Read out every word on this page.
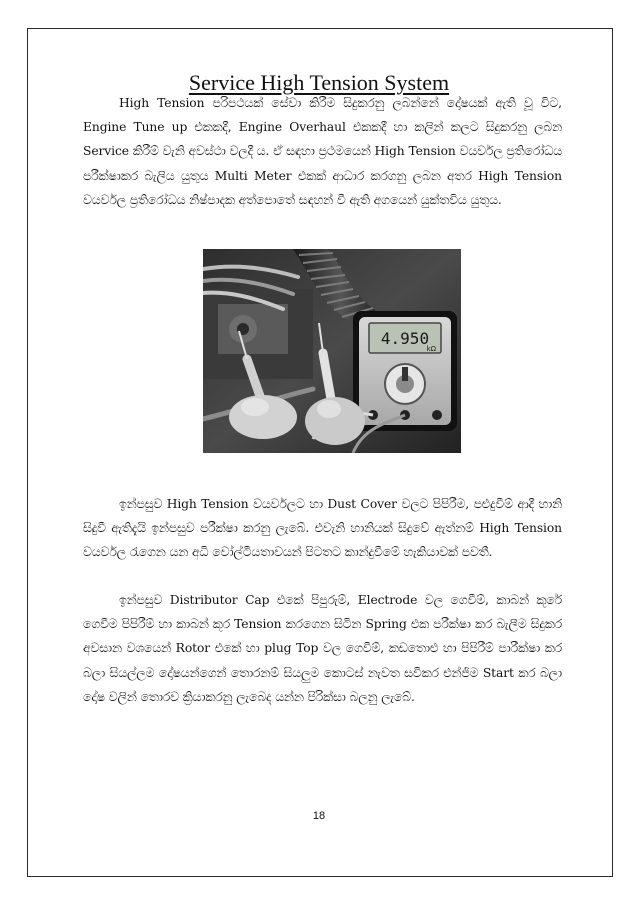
Service High Tension System

High Tension පරිපථයක් සේවා කිරීම සිදුකරනු ලබන්නේ දෝෂයක් ඇති වූ විට, Engine Tune up එකකදී, Engine Overhaul එකකදී හා කලින් කලට සිදුකරනු ලබන Service කිරීම් වැනි අවස්ථා වලදී ය. ඒ සඳහා ප්‍රථමයෙන් High Tension වයර්වල ප්‍රතිරෝධය පරීක්ෂාකර බැලිය යුතුය Multi Meter එකක් ආධාර කරගනු ලබන අතර High Tension වයර්වල ප්‍රතිරෝධය නිෂ්පාදක අත්පොතේ සඳහන් වී ඇති අගයෙන් යුක්තවිය යුතුය.

4.950
kΩ

ඉන්පසුව High Tension වයර්වලට හා Dust Cover වලට පිපිරීම, පළුදුවීම් ආදී හානි සිදුවී ඇතිදැයි ඉන්පසුව පරීක්ෂා කරනු ලැබේ. එවැනි හානියක් සිදුවේ ඇත්නම් High Tension වයර්වල රැගෙන යන අධි වෝල්ටීයතාවයන් පිටතට කාන්දුවීමේ හැකියාවක් පවතී.

ඉන්පසුව Distributor Cap එකේ පිපුරුම්, Electrode වල ගෙවීම්, කාබන් කූරේ ගෙවීම පිපිරීම් හා කාබන් කූර Tension කරගෙන සිටින Spring එක පරීක්ෂා කර බැලීම සිදුකර අවසාන වශයෙන් Rotor එකේ හා plug Top වල ගෙවීම්, කඩතොළු හා පිපිරීම් පාරීක්ෂා කර බලා සියල්ලම දෝෂයන්ගෙන් තොරනම් සියලුම කොටස් නැවත සවිකර එන්ජිම Start කර බලා දෝෂ වලින් තොරව ක්‍රියාකරනු ලැබෙද යන්න පිරික්සා බලනු ලැබේ.

18
